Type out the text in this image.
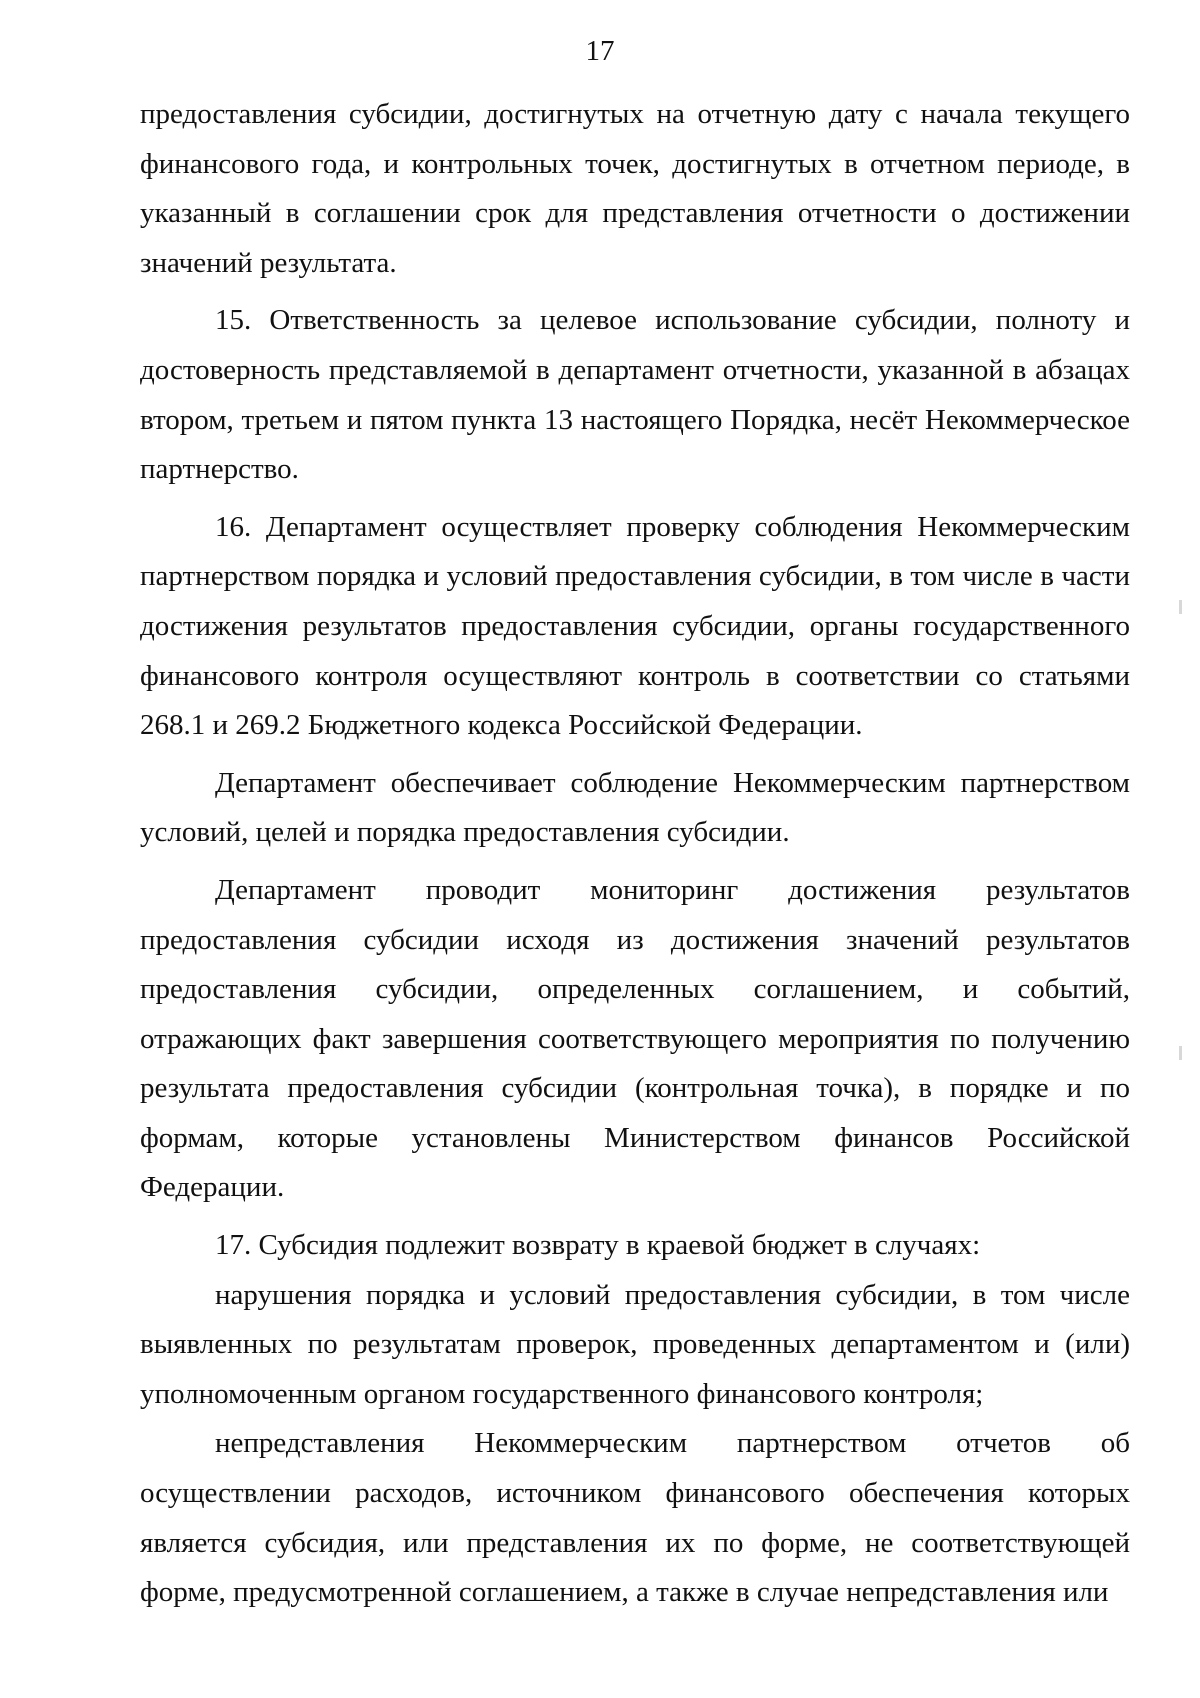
17

предоставления субсидии, достигнутых на отчетную дату с начала текущего финансового года, и контрольных точек, достигнутых в отчетном периоде, в указанный в соглашении срок для представления отчетности о достижении значений результата.

15. Ответственность за целевое использование субсидии, полноту и достоверность представляемой в департамент отчетности, указанной в абзацах втором, третьем и пятом пункта 13 настоящего Порядка, несёт Некоммерческое партнерство.

16. Департамент осуществляет проверку соблюдения Некоммерческим партнерством порядка и условий предоставления субсидии, в том числе в части достижения результатов предоставления субсидии, органы государственного финансового контроля осуществляют контроль в соответствии со статьями 268.1 и 269.2 Бюджетного кодекса Российской Федерации.

Департамент обеспечивает соблюдение Некоммерческим партнерством условий, целей и порядка предоставления субсидии.

Департамент проводит мониторинг достижения результатов предоставления субсидии исходя из достижения значений результатов предоставления субсидии, определенных соглашением, и событий, отражающих факт завершения соответствующего мероприятия по получению результата предоставления субсидии (контрольная точка), в порядке и по формам, которые установлены Министерством финансов Российской Федерации.

17. Субсидия подлежит возврату в краевой бюджет в случаях:

нарушения порядка и условий предоставления субсидии, в том числе выявленных по результатам проверок, проведенных департаментом и (или) уполномоченным органом государственного финансового контроля;

непредставления Некоммерческим партнерством отчетов об осуществлении расходов, источником финансового обеспечения которых является субсидия, или представления их по форме, не соответствующей форме, предусмотренной соглашением, а также в случае непредставления или
